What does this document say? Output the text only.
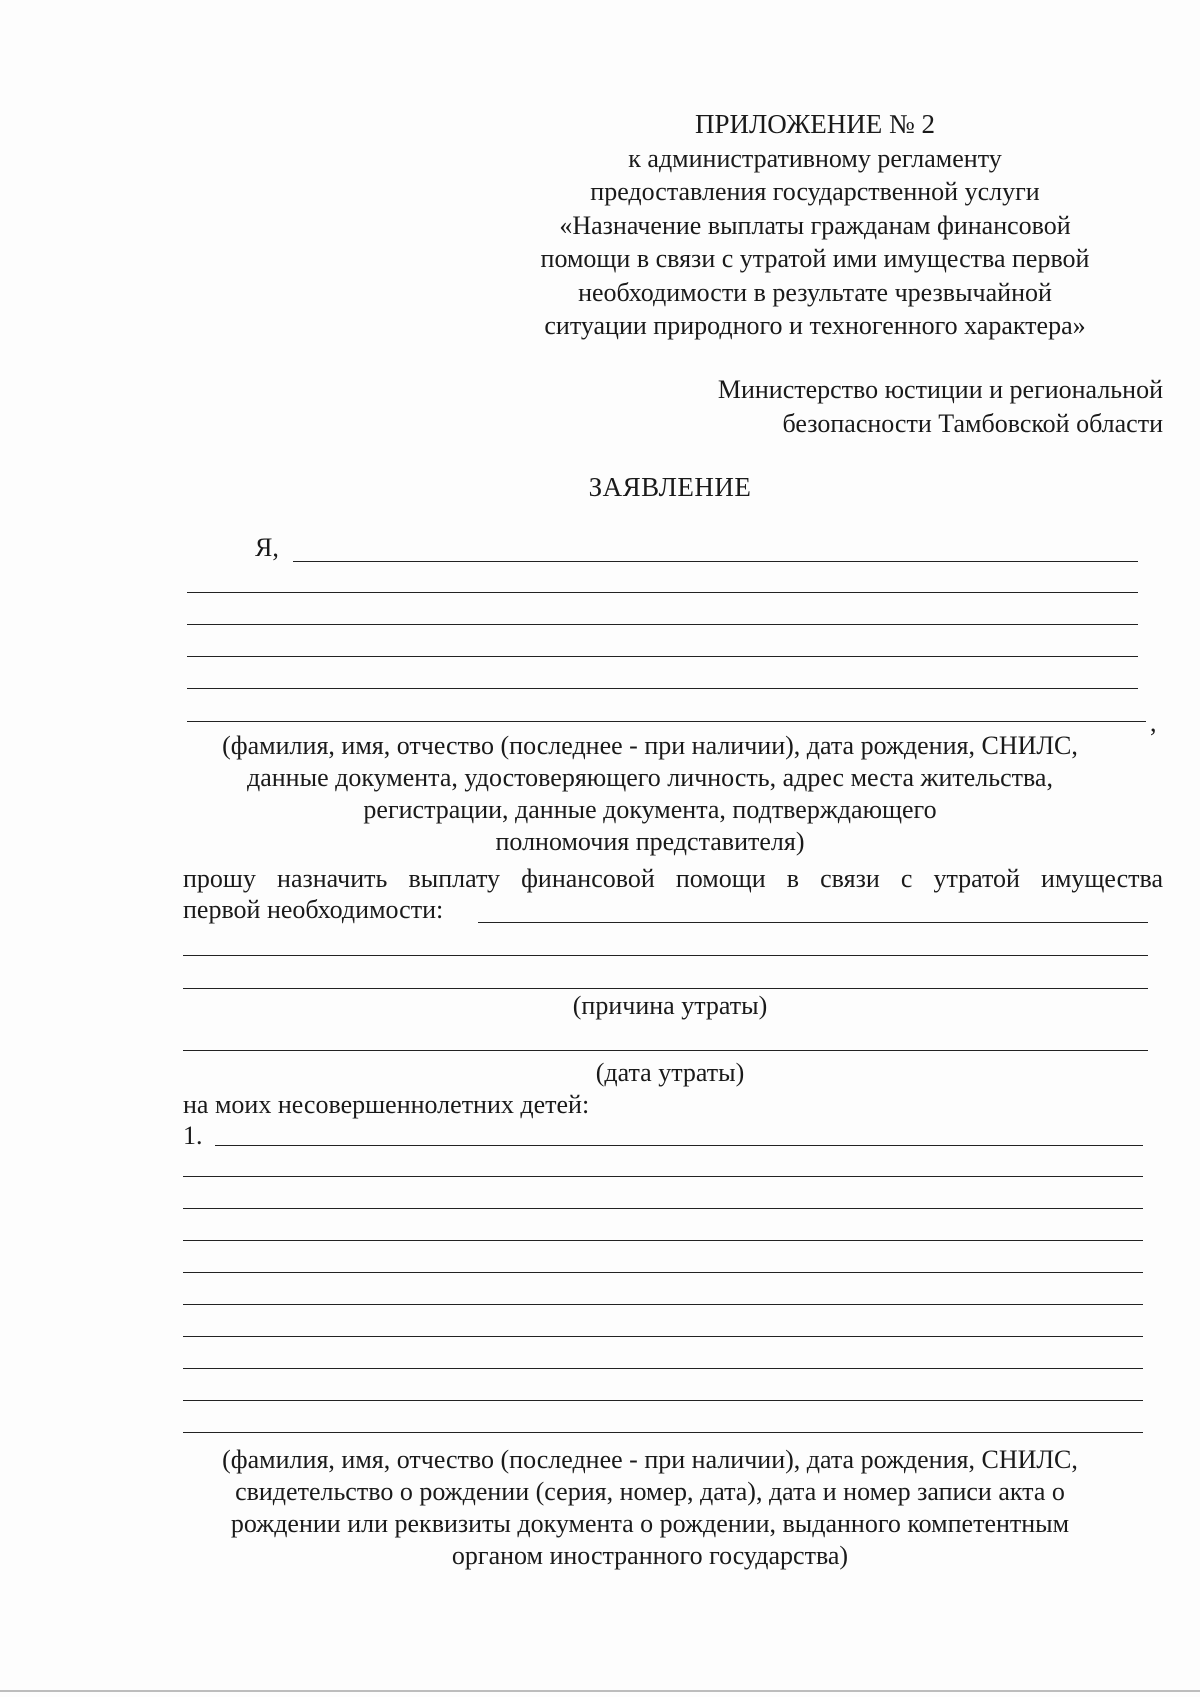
ПРИЛОЖЕНИЕ № 2
к административному регламенту
предоставления государственной услуги
«Назначение выплаты гражданам финансовой
помощи в связи с утратой ими имущества первой
необходимости в результате чрезвычайной
ситуации природного и техногенного характера»
Министерство юстиции и региональной
безопасности Тамбовской области
ЗАЯВЛЕНИЕ
Я,
,
(фамилия, имя, отчество (последнее - при наличии), дата рождения, СНИЛС,
данные документа, удостоверяющего личность, адрес места жительства,
регистрации, данные документа, подтверждающего
полномочия представителя)
прошу назначить выплату финансовой помощи в связи с утратой имущества
первой необходимости:
(причина утраты)
(дата утраты)
на моих несовершеннолетних детей:
1.
(фамилия, имя, отчество (последнее - при наличии), дата рождения, СНИЛС,
свидетельство о рождении (серия, номер, дата), дата и номер записи акта о
рождении или реквизиты документа о рождении, выданного компетентным
органом иностранного государства)
